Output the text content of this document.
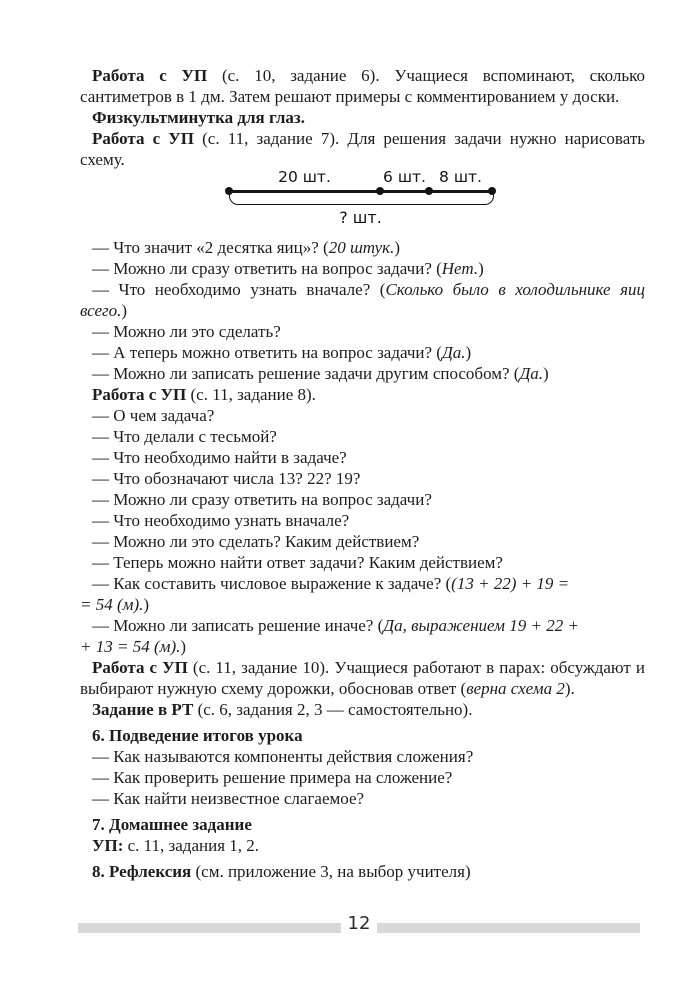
Работа с УП (с. 10, задание 6). Учащиеся вспоминают, сколько сантиметров в 1 дм. Затем решают примеры с комментированием у доски.

Физкультминутка для глаз.

Работа с УП (с. 11, задание 7). Для решения задачи нужно нарисовать схему.

20 шт.	6 шт. 8 шт.
? шт.

— Что значит «2 десятка яиц»? (20 штук.)

— Можно ли сразу ответить на вопрос задачи? (Нет.)

— Что необходимо узнать вначале? (Сколько было в холодильнике яиц всего.)

— Можно ли это сделать?

— А теперь можно ответить на вопрос задачи? (Да.)

— Можно ли записать решение задачи другим способом? (Да.)

Работа с УП (с. 11, задание 8).

— О чем задача?

— Что делали с тесьмой?

— Что необходимо найти в задаче?

— Что обозначают числа 13? 22? 19?

— Можно ли сразу ответить на вопрос задачи?

— Что необходимо узнать вначале?

— Можно ли это сделать? Каким действием?

— Теперь можно найти ответ задачи? Каким действием?

— Как составить числовое выражение к задаче? ((13 + 22) + 19 =
= 54 (м).)

— Можно ли записать решение иначе? (Да, выражением 19 + 22 +
+ 13 = 54 (м).)

Работа с УП (с. 11, задание 10). Учащиеся работают в парах: обсуждают и выбирают нужную схему дорожки, обосновав ответ (верна схема 2).

Задание в РТ (с. 6, задания 2, 3 — самостоятельно).

6. Подведение итогов урока

— Как называются компоненты действия сложения?

— Как проверить решение примера на сложение?

— Как найти неизвестное слагаемое?

7. Домашнее задание

УП: с. 11, задания 1, 2.

8. Рефлексия (см. приложение 3, на выбор учителя)

12
